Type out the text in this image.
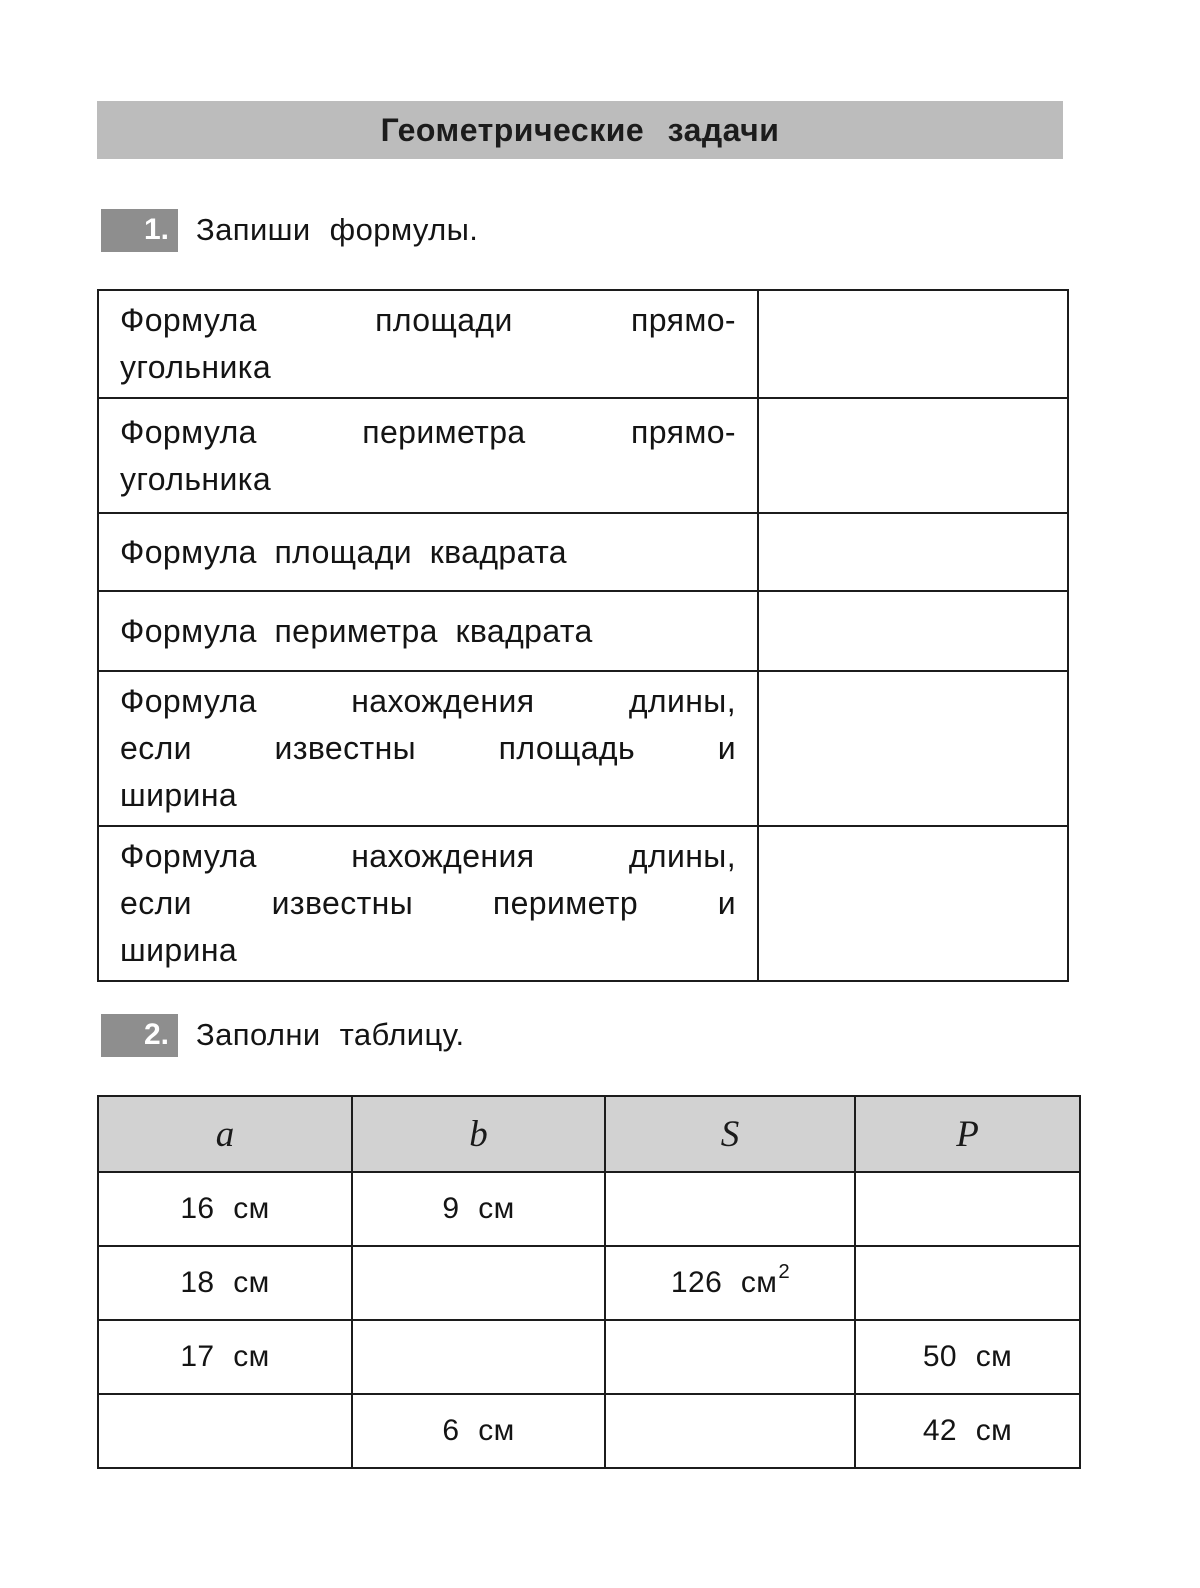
Геометрические задачи
1. Запиши формулы.
Формула площади прямо-
угольника	

Формула периметра прямо-
угольника	

Формула площади квадрата	

Формула периметра квадрата	

Формула	нахождения	длины,
если	известны	площадь	и
ширина

Формула	нахождения	длины,
если известны периметр и
ширина

2. Заполни таблицу.
a	b	S	P
16 см	9 см		
18 см		126 $см^2$	
17 см			50 см
	6 см		42 см
